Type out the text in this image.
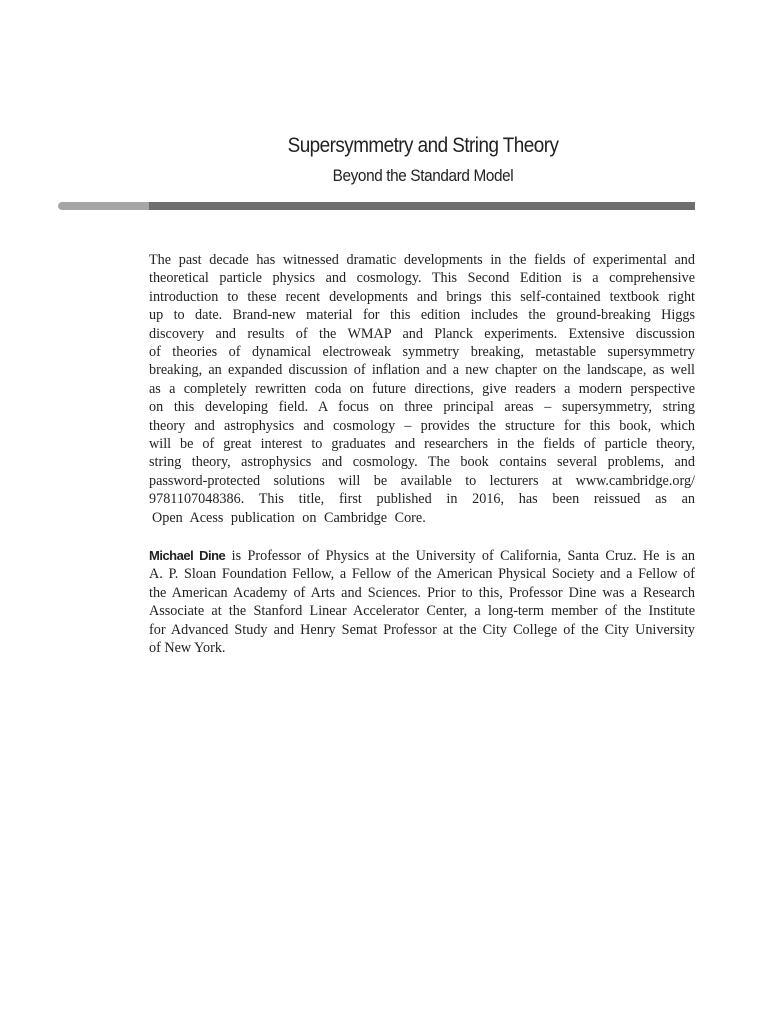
Supersymmetry and String Theory
Beyond the Standard Model
The past decade has witnessed dramatic developments in the fields of experimental and
theoretical particle physics and cosmology. This Second Edition is a comprehensive
introduction to these recent developments and brings this self-contained textbook right
up to date. Brand-new material for this edition includes the ground-breaking Higgs
discovery and results of the WMAP and Planck experiments. Extensive discussion
of theories of dynamical electroweak symmetry breaking, metastable supersymmetry
breaking, an expanded discussion of inflation and a new chapter on the landscape, as well
as a completely rewritten coda on future directions, give readers a modern perspective
on this developing field. A focus on three principal areas – supersymmetry, string
theory and astrophysics and cosmology – provides the structure for this book, which
will be of great interest to graduates and researchers in the fields of particle theory,
string theory, astrophysics and cosmology. The book contains several problems, and
password-protected solutions will be available to lecturers at www.cambridge.org/
9781107048386. This title, first published in 2016, has been reissued as an
Open Acess publication on Cambridge Core.
Michael Dine is Professor of Physics at the University of California, Santa Cruz. He is an
A. P. Sloan Foundation Fellow, a Fellow of the American Physical Society and a Fellow of
the American Academy of Arts and Sciences. Prior to this, Professor Dine was a Research
Associate at the Stanford Linear Accelerator Center, a long-term member of the Institute
for Advanced Study and Henry Semat Professor at the City College of the City University
of New York.
